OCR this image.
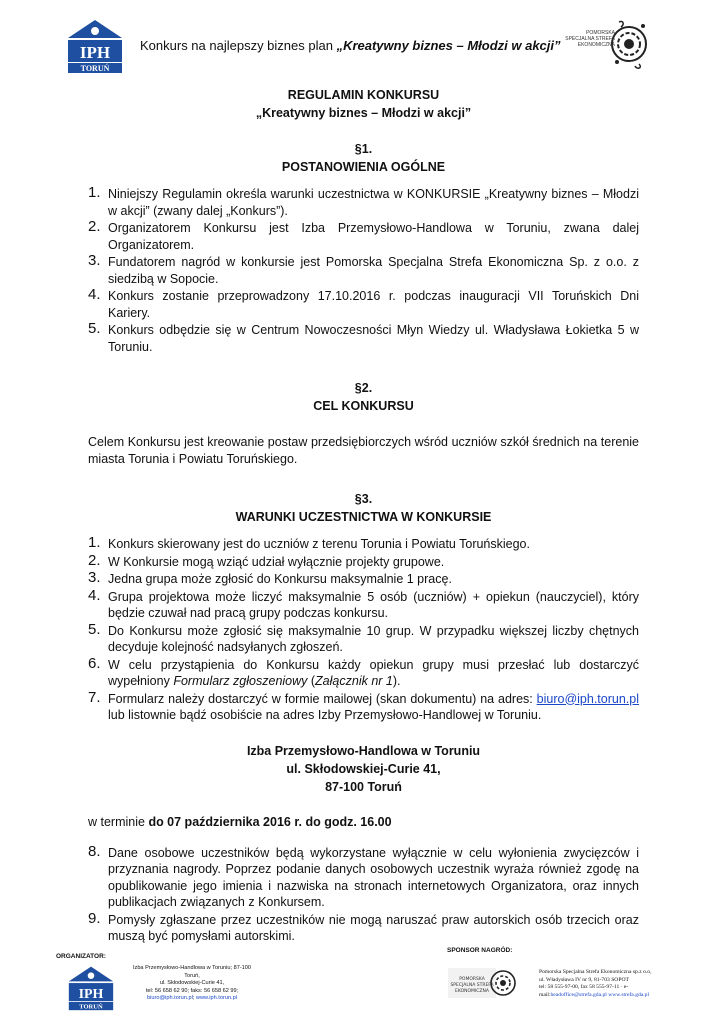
IPH
TORUŃ
Konkurs na najlepszy biznes plan „Kreatywny biznes – Młodzi w akcji”
POMORSKA SPECJALNA STREFA EKONOMICZNA
REGULAMIN KONKURSU
„Kreatywny biznes – Młodzi w akcji”
§1.
POSTANOWIENIA OGÓLNE
1. Niniejszy Regulamin określa warunki uczestnictwa w KONKURSIE „Kreatywny biznes – Młodzi w akcji” (zwany dalej „Konkurs”).
2. Organizatorem Konkursu jest Izba Przemysłowo-Handlowa w Toruniu, zwana dalej Organizatorem.
3. Fundatorem nagród w konkursie jest Pomorska Specjalna Strefa Ekonomiczna Sp. z o.o. z siedzibą w Sopocie.
4. Konkurs zostanie przeprowadzony 17.10.2016 r. podczas inauguracji VII Toruńskich Dni Kariery.
5. Konkurs odbędzie się w Centrum Nowoczesności Młyn Wiedzy ul. Władysława Łokietka 5 w Toruniu.
§2.
CEL KONKURSU

Celem Konkursu jest kreowanie postaw przedsiębiorczych wśród uczniów szkół średnich na terenie miasta Torunia i Powiatu Toruńskiego.

§3.
WARUNKI UCZESTNICTWA W KONKURSIE
1. Konkurs skierowany jest do uczniów z terenu Torunia i Powiatu Toruńskiego.
2. W Konkursie mogą wziąć udział wyłącznie projekty grupowe.
3. Jedna grupa może zgłosić do Konkursu maksymalnie 1 pracę.
4. Grupa projektowa może liczyć maksymalnie 5 osób (uczniów) + opiekun (nauczyciel), który będzie czuwał nad pracą grupy podczas konkursu.
5. Do Konkursu może zgłosić się maksymalnie 10 grup. W przypadku większej liczby chętnych decyduje kolejność nadsyłanych zgłoszeń.
6. W celu przystąpienia do Konkursu każdy opiekun grupy musi przesłać lub dostarczyć wypełniony Formularz zgłoszeniowy (Załącznik nr 1).
7. Formularz należy dostarczyć w formie mailowej (skan dokumentu) na adres: biuro@iph.torun.pl lub listownie bądź osobiście na adres Izby Przemysłowo-Handlowej w Toruniu.
Izba Przemysłowo-Handlowa w Toruniu
ul. Skłodowskiej-Curie 41,
87-100 Toruń

w terminie do 07 października 2016 r. do godz. 16.00

8. Dane osobowe uczestników będą wykorzystane wyłącznie w celu wyłonienia zwycięzców i przyznania nagrody. Poprzez podanie danych osobowych uczestnik wyraża również zgodę na opublikowanie jego imienia i nazwiska na stronach internetowych Organizatora, oraz innych publikacjach związanych z Konkursem.
9. Pomysły zgłaszane przez uczestników nie mogą naruszać praw autorskich osób trzecich oraz muszą być pomysłami autorskimi.
ORGANIZATOR:
SPONSOR NAGRÓD:
IPH
TORUŃ
Izba Przemysłowo-Handlowa w Toruniu; 87-100 Toruń,
ul. Skłodowskiej-Curie 41,
tel: 56 658 62 90; faks: 56 658 62 99;
biuro@iph.torun.pl; www.iph.torun.pl
POMORSKA
SPECJALNA STREFA
EKONOMICZNA
Pomorska Specjalna Strefa Ekonomiczna sp.z o.o,
ul. Władysława IV nr 9, 81-703 SOPOT
tel: 58 555-97-00, fax 58 555-97-11 · e-
mail:headoffice@strefa.gda.pl www.strefa.gda.pl
